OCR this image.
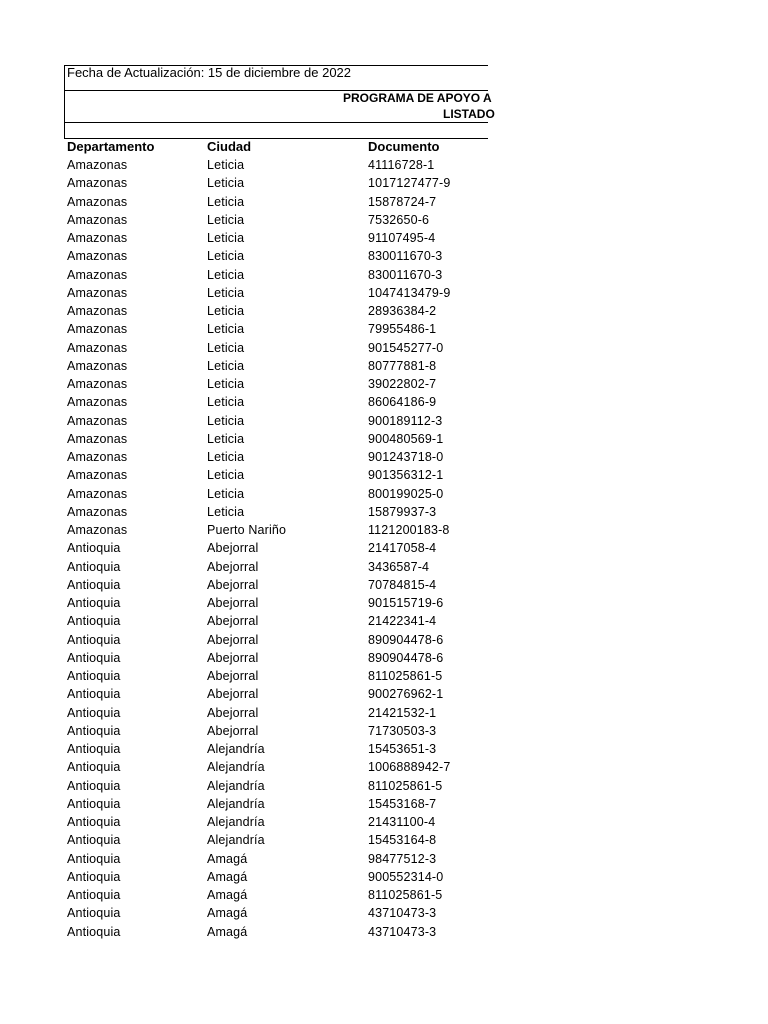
Fecha de Actualización: 15 de diciembre de 2022
PROGRAMA DE APOYO A
LISTADO
Departamento	Ciudad	Documento
Amazonas	Leticia	41116728-1
Amazonas	Leticia	1017127477-9
Amazonas	Leticia	15878724-7
Amazonas	Leticia	7532650-6
Amazonas	Leticia	91107495-4
Amazonas	Leticia	830011670-3
Amazonas	Leticia	830011670-3
Amazonas	Leticia	1047413479-9
Amazonas	Leticia	28936384-2
Amazonas	Leticia	79955486-1
Amazonas	Leticia	901545277-0
Amazonas	Leticia	80777881-8
Amazonas	Leticia	39022802-7
Amazonas	Leticia	86064186-9
Amazonas	Leticia	900189112-3
Amazonas	Leticia	900480569-1
Amazonas	Leticia	901243718-0
Amazonas	Leticia	901356312-1
Amazonas	Leticia	800199025-0
Amazonas	Leticia	15879937-3
Amazonas	Puerto Nariño	1121200183-8
Antioquia	Abejorral	21417058-4
Antioquia	Abejorral	3436587-4
Antioquia	Abejorral	70784815-4
Antioquia	Abejorral	901515719-6
Antioquia	Abejorral	21422341-4
Antioquia	Abejorral	890904478-6
Antioquia	Abejorral	890904478-6
Antioquia	Abejorral	811025861-5
Antioquia	Abejorral	900276962-1
Antioquia	Abejorral	21421532-1
Antioquia	Abejorral	71730503-3
Antioquia	Alejandría	15453651-3
Antioquia	Alejandría	1006888942-7
Antioquia	Alejandría	811025861-5
Antioquia	Alejandría	15453168-7
Antioquia	Alejandría	21431100-4
Antioquia	Alejandría	15453164-8
Antioquia	Amagá	98477512-3
Antioquia	Amagá	900552314-0
Antioquia	Amagá	811025861-5
Antioquia	Amagá	43710473-3
Antioquia	Amagá	43710473-3
